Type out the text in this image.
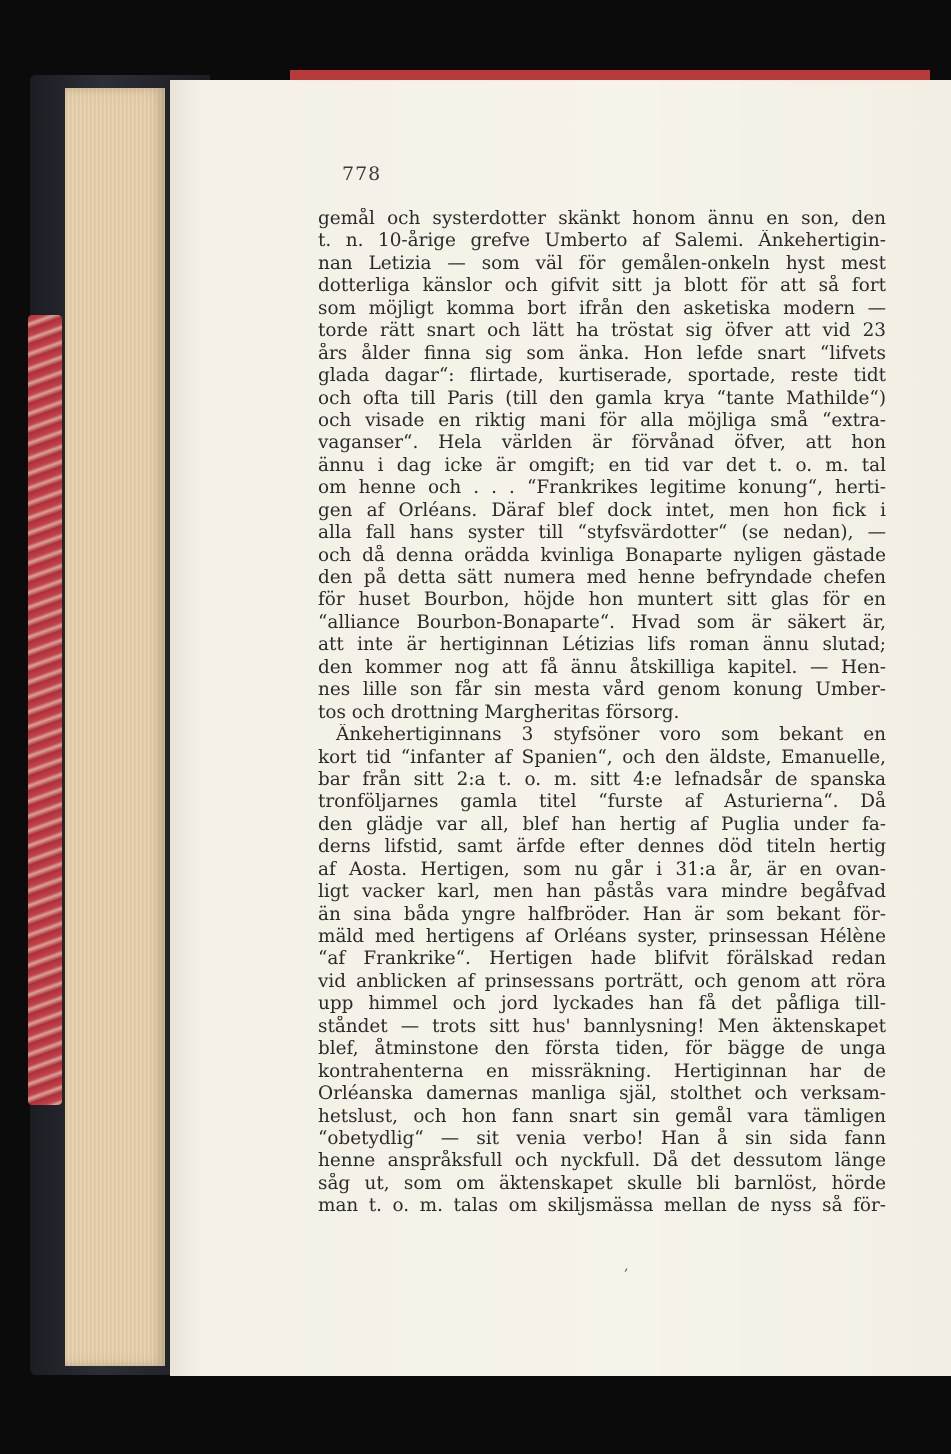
778
gemål och systerdotter skänkt honom ännu en son, den
t. n. 10-årige grefve Umberto af Salemi. Änkehertigin-
nan Letizia — som väl för gemålen-onkeln hyst mest
dotterliga känslor och gifvit sitt ja blott för att så fort
som möjligt komma bort ifrån den asketiska modern —
torde rätt snart och lätt ha tröstat sig öfver att vid 23
års ålder finna sig som änka. Hon lefde snart “lifvets
glada dagar“: flirtade, kurtiserade, sportade, reste tidt
och ofta till Paris (till den gamla krya “tante Mathilde“)
och visade en riktig mani för alla möjliga små “extra-
vaganser“. Hela världen är förvånad öfver, att hon
ännu i dag icke är omgift; en tid var det t. o. m. tal
om henne och . . . “Frankrikes legitime konung“, herti-
gen af Orléans. Däraf blef dock intet, men hon fick i
alla fall hans syster till “styfsvärdotter“ (se nedan), —
och då denna orädda kvinliga Bonaparte nyligen gästade
den på detta sätt numera med henne befryndade chefen
för huset Bourbon, höjde hon muntert sitt glas för en
“alliance Bourbon-Bonaparte“. Hvad som är säkert är,
att inte är hertiginnan Létizias lifs roman ännu slutad;
den kommer nog att få ännu åtskilliga kapitel. — Hen-
nes lille son får sin mesta vård genom konung Umber-
tos och drottning Margheritas försorg.
Änkehertiginnans 3 styfsöner voro som bekant en
kort tid “infanter af Spanien“, och den äldste, Emanuelle,
bar från sitt 2:a t. o. m. sitt 4:e lefnadsår de spanska
tronföljarnes gamla titel “furste af Asturierna“. Då
den glädje var all, blef han hertig af Puglia under fa-
derns lifstid, samt ärfde efter dennes död titeln hertig
af Aosta. Hertigen, som nu går i 31:a år, är en ovan-
ligt vacker karl, men han påstås vara mindre begåfvad
än sina båda yngre halfbröder. Han är som bekant för-
mäld med hertigens af Orléans syster, prinsessan Hélène
“af Frankrike“. Hertigen hade blifvit förälskad redan
vid anblicken af prinsessans porträtt, och genom att röra
upp himmel och jord lyckades han få det påfliga till-
ståndet — trots sitt hus' bannlysning! Men äktenskapet
blef, åtminstone den första tiden, för bägge de unga
kontrahenterna en missräkning. Hertiginnan har de
Orléanska damernas manliga själ, stolthet och verksam-
hetslust, och hon fann snart sin gemål vara tämligen
“obetydlig“ — sit venia verbo! Han å sin sida fann
henne anspråksfull och nyckfull. Då det dessutom länge
såg ut, som om äktenskapet skulle bli barnlöst, hörde
man t. o. m. talas om skiljsmässa mellan de nyss så för-
‚
